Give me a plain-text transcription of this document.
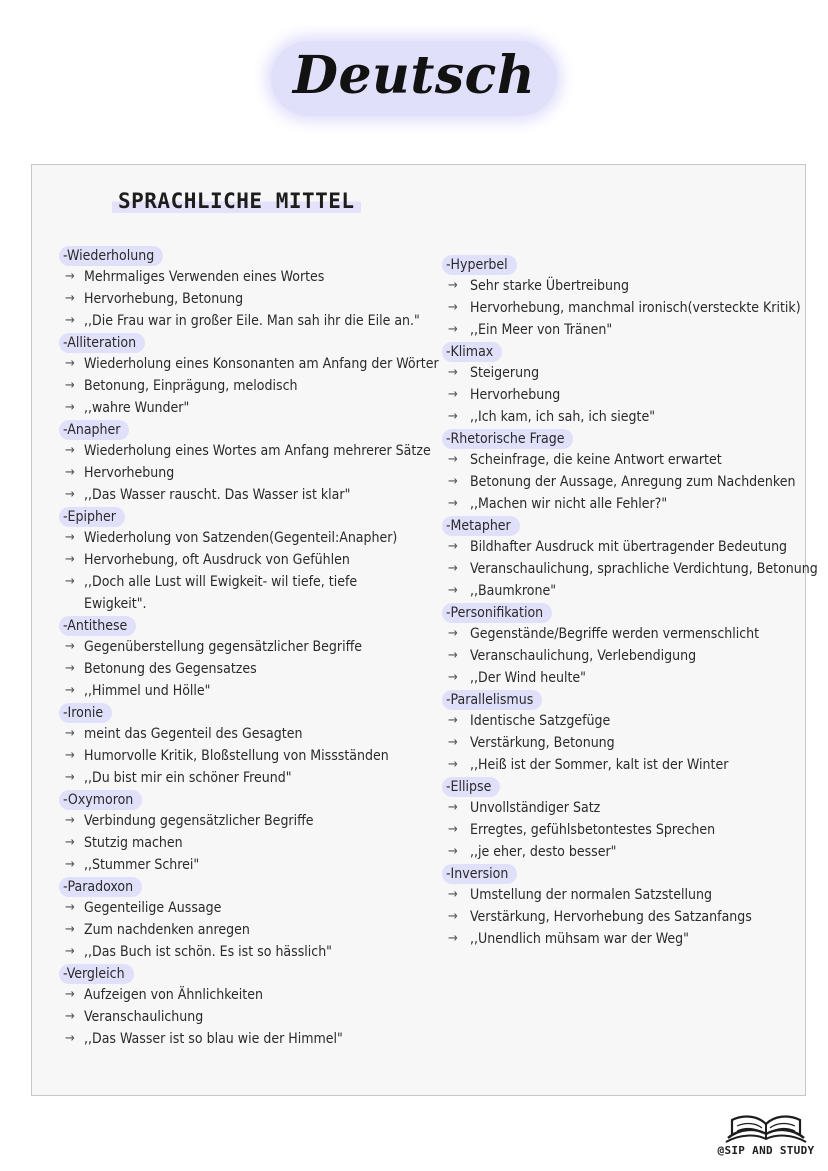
Deutsch
SPRACHLICHE MITTEL
-Wiederholung
→ Mehrmaliges Verwenden eines Wortes
→ Hervorhebung, Betonung
→ ,,Die Frau war in großer Eile. Man sah ihr die Eile an."
-Alliteration
→ Wiederholung eines Konsonanten am Anfang der Wörter
→ Betonung, Einprägung, melodisch
→ ,,wahre Wunder"
-Anapher
→ Wiederholung eines Wortes am Anfang mehrerer Sätze
→ Hervorhebung
→ ,,Das Wasser rauscht. Das Wasser ist klar"
-Epipher
→ Wiederholung von Satzenden(Gegenteil:Anapher)
→ Hervorhebung, oft Ausdruck von Gefühlen
→ ,,Doch alle Lust will Ewigkeit- wil tiefe, tiefe Ewigkeit".
-Antithese
→ Gegenüberstellung gegensätzlicher Begriffe
→ Betonung des Gegensatzes
→ ,,Himmel und Hölle"
-Ironie
→ meint das Gegenteil des Gesagten
→ Humorvolle Kritik, Bloßstellung von Missständen
→ ,,Du bist mir ein schöner Freund"
-Oxymoron
→ Verbindung gegensätzlicher Begriffe
→ Stutzig machen
→ ,,Stummer Schrei"
-Paradoxon
→ Gegenteilige Aussage
→ Zum nachdenken anregen
→ ,,Das Buch ist schön. Es ist so hässlich"
-Vergleich
→ Aufzeigen von Ähnlichkeiten
→ Veranschaulichung
→ ,,Das Wasser ist so blau wie der Himmel"
-Hyperbel
→ Sehr starke Übertreibung
→ Hervorhebung, manchmal ironisch(versteckte Kritik)
→ ,,Ein Meer von Tränen"
-Klimax
→ Steigerung
→ Hervorhebung
→ ,,Ich kam, ich sah, ich siegte"
-Rhetorische Frage
→ Scheinfrage, die keine Antwort erwartet
→ Betonung der Aussage, Anregung zum Nachdenken
→ ,,Machen wir nicht alle Fehler?"
-Metapher
→ Bildhafter Ausdruck mit übertragender Bedeutung
→ Veranschaulichung, sprachliche Verdichtung, Betonung
→ ,,Baumkrone"
-Personifikation
→ Gegenstände/Begriffe werden vermenschlicht
→ Veranschaulichung, Verlebendigung
→ ,,Der Wind heulte"
-Parallelismus
→ Identische Satzgefüge
→ Verstärkung, Betonung
→ ,,Heiß ist der Sommer, kalt ist der Winter
-Ellipse
→ Unvollständiger Satz
→ Erregtes, gefühlsbetontestes Sprechen
→ ,,je eher, desto besser"
-Inversion
→ Umstellung der normalen Satzstellung
→ Verstärkung, Hervorhebung des Satzanfangs
→ ,,Unendlich mühsam war der Weg"
@SIP AND STUDY
